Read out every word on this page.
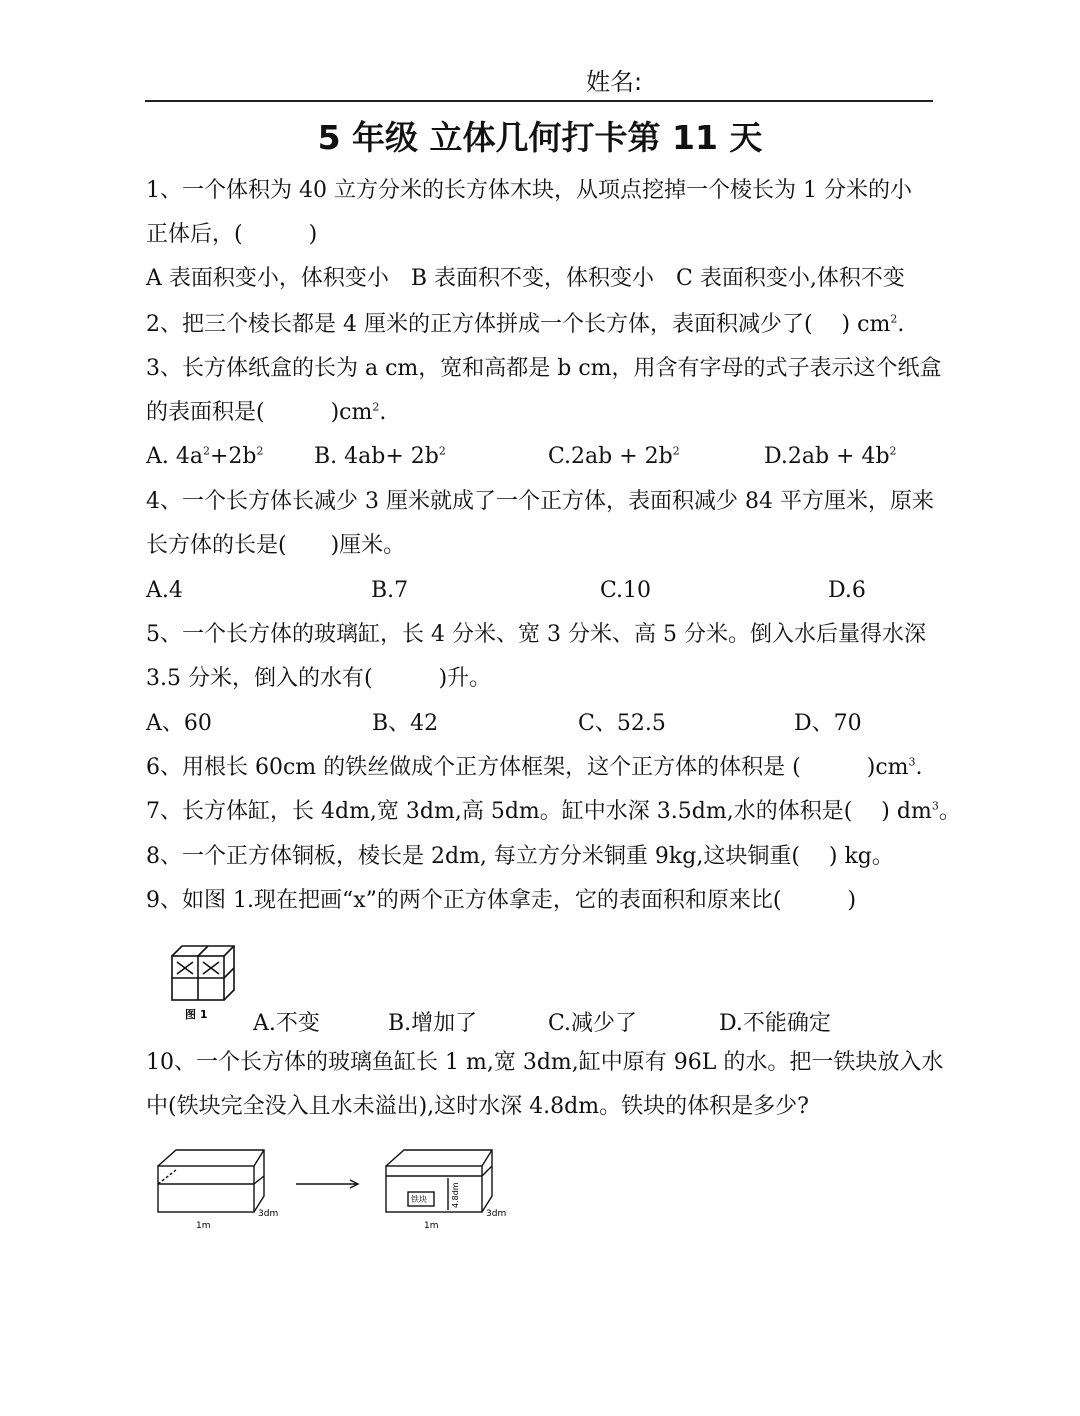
姓名:
5 年级 立体几何打卡第 11 天
1、一个体积为 40 立方分米的长方体木块，从项点挖掉一个棱长为 1 分米的小
正体后，(　　　)
A 表面积变小，体积变小　B 表面积不变，体积变小　C 表面积变小,体积不变
2、把三个棱长都是 4 厘米的正方体拼成一个长方体，表面积减少了(　 ) $cm^2$.
3、长方体纸盒的长为 a cm，宽和高都是 b cm，用含有字母的式子表示这个纸盒
的表面积是(　　　)$cm^2$.
A. $4a^2+2b^2$ B. $4ab+ 2b^2$	$C.2ab + 2b^2$	$D.2ab + 4b^2$
4、一个长方体长减少 3 厘米就成了一个正方体，表面积减少 84 平方厘米，原来
长方体的长是(　　)厘米。
A.4	B.7	C.10	D.6
5、一个长方体的玻璃缸，长 4 分米、宽 3 分米、高 5 分米。倒入水后量得水深
3.5 分米，倒入的水有(　　　)升。
A、60	B、42	C、52.5	D、70
6、用根长 60cm 的铁丝做成个正方体框架，这个正方体的体积是 (　　　)$cm^3$.
7、长方体缸，长 4dm,宽 3dm,高 5dm。缸中水深 3.5dm,水的体积是(　 ) $dm^3$。
8、一个正方体铜板，棱长是 2dm, 每立方分米铜重 9kg,这块铜重(　 ) kg。
9、如图 1.现在把画“x”的两个正方体拿走，它的表面积和原来比(　　　)
图 1 A.不变	B.增加了	C.减少了	D.不能确定
10、一个长方体的玻璃鱼缸长 1 m,宽 3dm,缸中原有 96L 的水。把一铁块放入水
中(铁块完全没入且水未溢出),这时水深 4.8dm。铁块的体积是多少?
1m
3dm
1m
3dm
铁块	4.8dm
